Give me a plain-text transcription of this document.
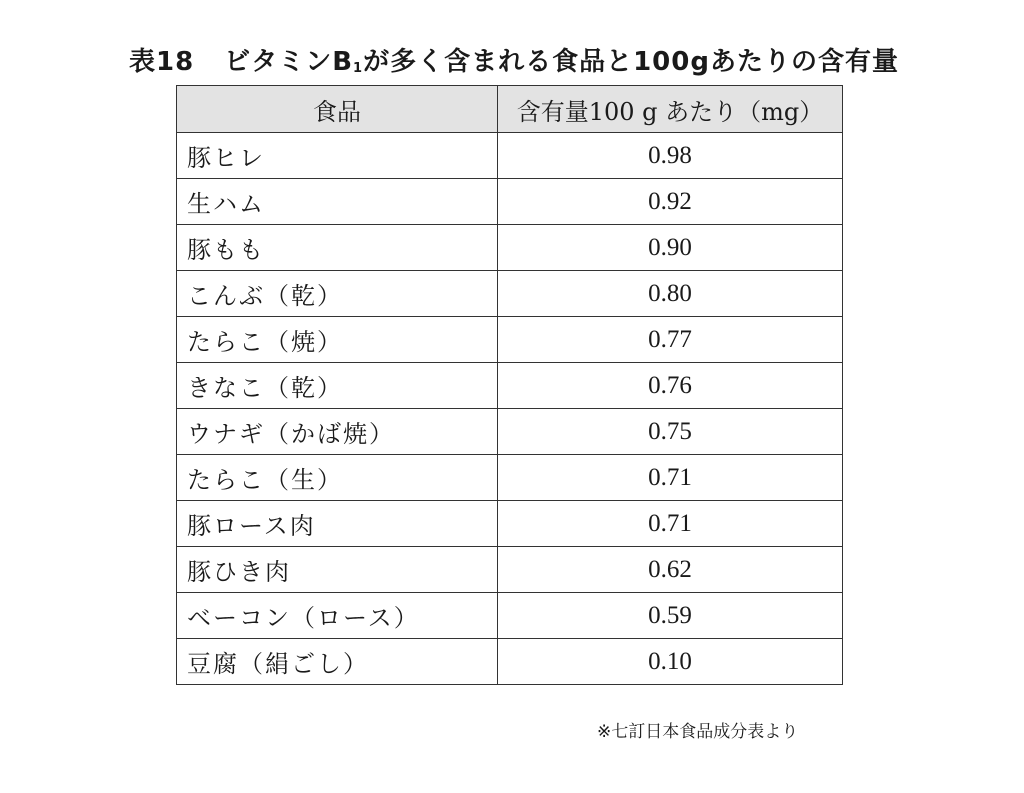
表18 ビタミン$B_1$が多く含まれる食品と100gあたりの含有量
食品	含有量100 g あたり（mg）
豚ヒレ	0.98
生ハム	0.92
豚もも	0.90
こんぶ（乾）	0.80
たらこ（焼）	0.77
きなこ（乾）	0.76
ウナギ（かば焼）	0.75
たらこ（生）	0.71
豚ロース肉	0.71
豚ひき肉	0.62
ベーコン（ロース）	0.59
豆腐（絹ごし）	0.10
※七訂日本食品成分表より
